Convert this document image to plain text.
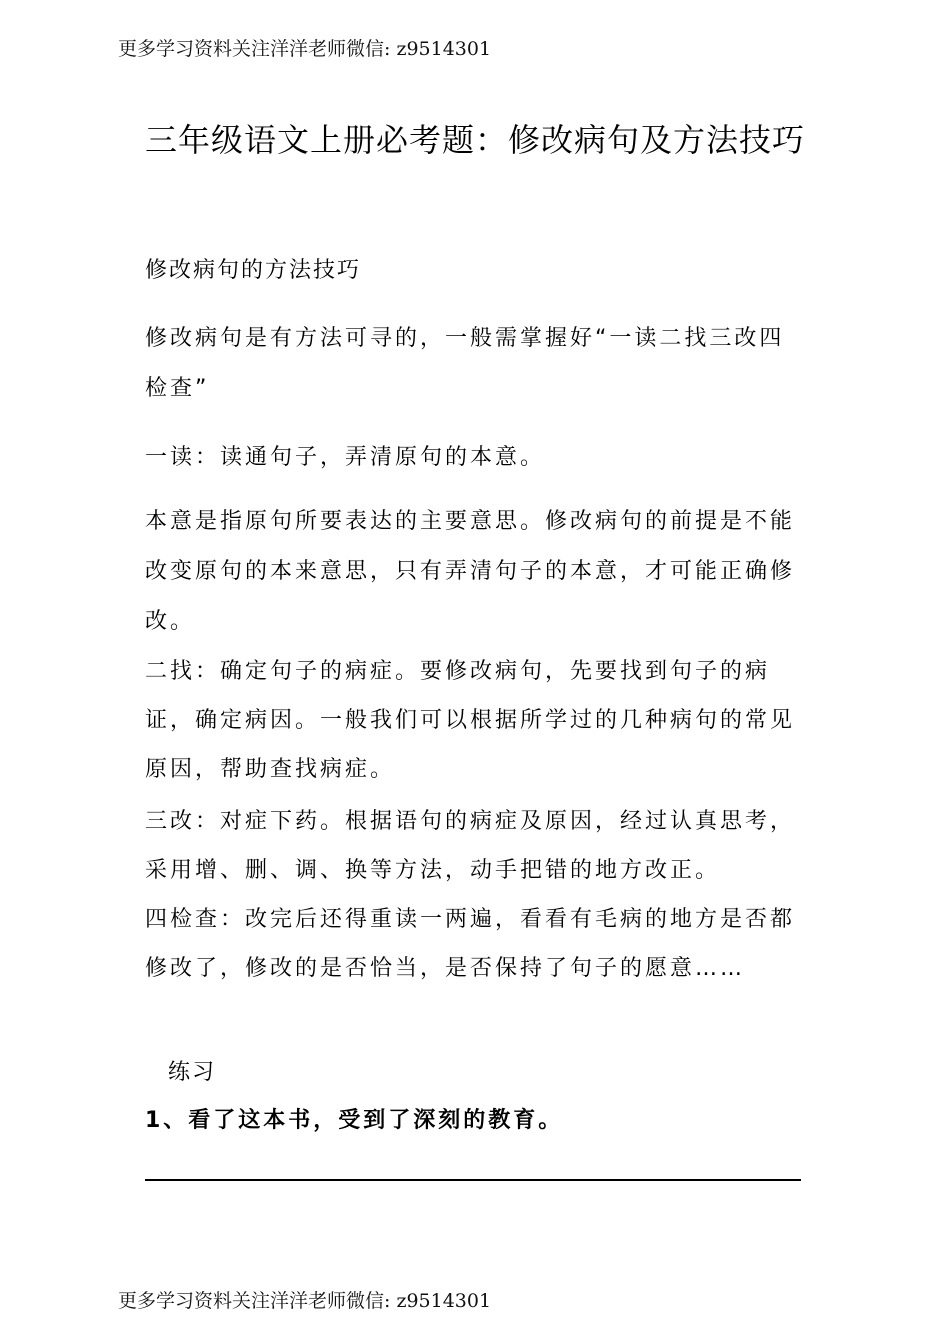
更多学习资料关注洋洋老师微信: z9514301
三年级语文上册必考题：修改病句及方法技巧
修改病句的方法技巧
修改病句是有方法可寻的，一般需掌握好“一读二找三改四检查”
一读：读通句子，弄清原句的本意。
本意是指原句所要表达的主要意思。修改病句的前提是不能改变原句的本来意思，只有弄清句子的本意，才可能正确修改。
二找：确定句子的病症。要修改病句，先要找到句子的病证，确定病因。一般我们可以根据所学过的几种病句的常见原因，帮助查找病症。
三改：对症下药。根据语句的病症及原因，经过认真思考，采用增、删、调、换等方法，动手把错的地方改正。
四检查：改完后还得重读一两遍，看看有毛病的地方是否都修改了，修改的是否恰当，是否保持了句子的愿意……
练习
1、看了这本书，受到了深刻的教育。
更多学习资料关注洋洋老师微信: z9514301
